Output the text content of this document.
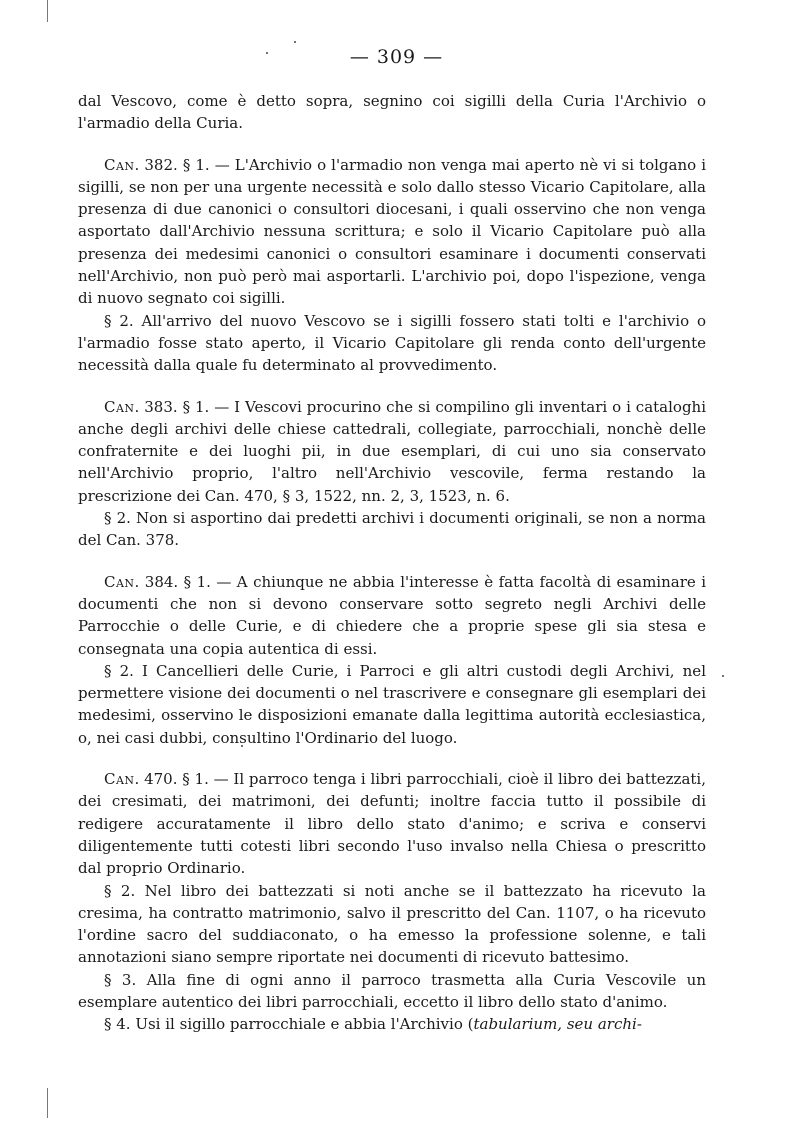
— 309 —

dal Vescovo, come è detto sopra, segnino coi sigilli della Curia l'Archivio o l'armadio della Curia.

Can. 382. § 1. — L'Archivio o l'armadio non venga mai aperto nè vi si tolgano i sigilli, se non per una urgente necessità e solo dallo stesso Vicario Capitolare, alla presenza di due canonici o consultori diocesani, i quali osservino che non venga asportato dall'Archivio nessuna scrittura; e solo il Vicario Capitolare può alla presenza dei medesimi canonici o consultori esaminare i documenti conservati nell'Archivio, non può però mai asportarli. L'archivio poi, dopo l'ispezione, venga di nuovo segnato coi sigilli.

§ 2. All'arrivo del nuovo Vescovo se i sigilli fossero stati tolti e l'archivio o l'armadio fosse stato aperto, il Vicario Capitolare gli renda conto dell'urgente necessità dalla quale fu determinato al provvedimento.

Can. 383. § 1. — I Vescovi procurino che si compilino gli inventari o i cataloghi anche degli archivi delle chiese cattedrali, collegiate, parrocchiali, nonchè delle confraternite e dei luoghi pii, in due esemplari, di cui uno sia conservato nell'Archivio proprio, l'altro nell'Archivio vescovile, ferma restando la prescrizione dei Can. 470, § 3, 1522, nn. 2, 3, 1523, n. 6.

§ 2. Non si asportino dai predetti archivi i documenti originali, se non a norma del Can. 378.

Can. 384. § 1. — A chiunque ne abbia l'interesse è fatta facoltà di esaminare i documenti che non si devono conservare sotto segreto negli Archivi delle Parrocchie o delle Curie, e di chiedere che a proprie spese gli sia stesa e consegnata una copia autentica di essi.

§ 2. I Cancellieri delle Curie, i Parroci e gli altri custodi degli Archivi, nel permettere visione dei documenti o nel trascrivere e consegnare gli esemplari dei medesimi, osservino le disposizioni emanate dalla legittima autorità ecclesiastica, o, nei casi dubbi, consultino l'Ordinario del luogo.

Can. 470. § 1. — Il parroco tenga i libri parrocchiali, cioè il libro dei battezzati, dei cresimati, dei matrimoni, dei defunti; inoltre faccia tutto il possibile di redigere accuratamente il libro dello stato d'animo; e scriva e conservi diligentemente tutti cotesti libri secondo l'uso invalso nella Chiesa o prescritto dal proprio Ordinario.

§ 2. Nel libro dei battezzati si noti anche se il battezzato ha ricevuto la cresima, ha contratto matrimonio, salvo il prescritto del Can. 1107, o ha ricevuto l'ordine sacro del suddiaconato, o ha emesso la professione solenne, e tali annotazioni siano sempre riportate nei documenti di ricevuto battesimo.

§ 3. Alla fine di ogni anno il parroco trasmetta alla Curia Vescovile un esemplare autentico dei libri parrocchiali, eccetto il libro dello stato d'animo.

§ 4. Usi il sigillo parrocchiale e abbia l'Archivio (tabularium, seu archi-
